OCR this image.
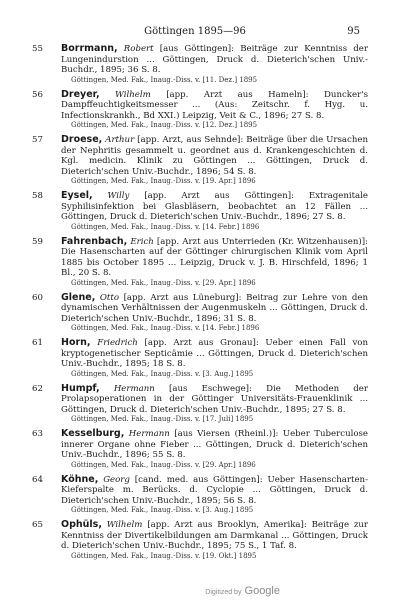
Göttingen 1895—96	95
55 Borrmann, Robert [aus Göttingen]: Beiträge zur Kenntniss der Lungenindurstion ... Göttingen, Druck d. Dieterich'schen Univ.-Buchdr., 1895; 36 S. 8.
Göttingen, Med. Fak., Inaug.-Diss. v. [11. Dez.] 1895
56 Dreyer, Wilhelm [app. Arzt aus Hameln]: Duncker's Dampffeuchtigkeitsmesser ... (Aus: Zeitschr. f. Hyg. u. Infectionskrankh., Bd XXI.) Leipzig, Veit & C., 1896; 27 S. 8.
Göttingen, Med. Fak., Inaug.-Diss. v. [12. Dez.] 1895
57 Droese, Arthur [app. Arzt, aus Sehnde]: Beiträge über die Ursachen der Nephritis gesammelt u. geordnet aus d. Krankengeschichten d. Kgl. medicin. Klinik zu Göttingen ... Göttingen, Druck d. Dieterich'schen Univ.-Buchdr., 1896; 54 S. 8.
Göttingen, Med. Fak., Inaug.-Diss. v. [19. Apr.] 1896
58 Eysel, Willy [app. Arzt aus Göttingen]: Extragenitale Syphilisinfektion bei Glasbläsern, beobachtet an 12 Fällen ... Göttingen, Druck d. Dieterich'schen Univ.-Buchdr., 1896; 27 S. 8.
Göttingen, Med. Fak., Inaug.-Diss. v. [14. Febr.] 1896
59 Fahrenbach, Erich [app. Arzt aus Unterrieden (Kr. Witzenhausen)]: Die Hasenscharten auf der Göttinger chirurgischen Klinik vom April 1885 bis October 1895 ... Leipzig, Druck v. J. B. Hirschfeld, 1896; 1 Bl., 20 S. 8.
Göttingen, Med. Fak., Inaug.-Diss. v. [29. Apr.] 1896
60 Glene, Otto [app. Arzt aus Lüneburg]: Beitrag zur Lehre von den dynamischen Verhältnissen der Augenmuskeln ... Göttingen, Druck d. Dieterich'schen Univ.-Buchdr., 1896; 31 S. 8.
Göttingen, Med. Fak., Inaug.-Diss. v. [14. Febr.] 1896
61 Horn, Friedrich [app. Arzt aus Gronau]: Ueber einen Fall von kryptogenetischer Septicämie ... Göttingen, Druck d. Dieterich'schen Univ.-Buchdr., 1895; 18 S. 8.
Göttingen, Med. Fak., Inaug.-Diss. v. [3. Aug.] 1895
62 Humpf, Hermann [aus Eschwege]: Die Methoden der Prolapsoperationen in der Göttinger Universitäts-Frauenklinik ... Göttingen, Druck d. Dieterich'schen Univ.-Buchdr., 1895; 27 S. 8.
Göttingen, Med. Fak., Inaug.-Diss. v. [17. Juli] 1895
63 Kesselburg, Hermann [aus Viersen (Rheinl.)]: Ueber Tuberculose innerer Organe ohne Fieber ... Göttingen, Druck d. Dieterich'schen Univ.-Buchdr., 1896; 55 S. 8.
Göttingen, Med. Fak., Inaug.-Diss. v. [29. Apr.] 1896
64 Köhne, Georg [cand. med. aus Göttingen]: Ueber Hasenscharten-Kieferspalte m. Berücks. d. Cyclopie ... Göttingen, Druck d. Dieterich'schen Univ.-Buchdr., 1895; 56 S. 8.
Göttingen, Med. Fak., Inaug.-Diss. v. [3. Aug.] 1895
65 Ophüls, Wilhelm [app. Arzt aus Brooklyn, Amerika]: Beiträge zur Kenntniss der Divertikelbildungen am Darmkanal ... Göttingen, Druck d. Dieterich'schen Univ.-Buchdr., 1895; 75 S., 1 Taf. 8.
Göttingen, Med. Fak., Inaug.-Diss. v. [19. Okt.] 1895
Digitized by Google
